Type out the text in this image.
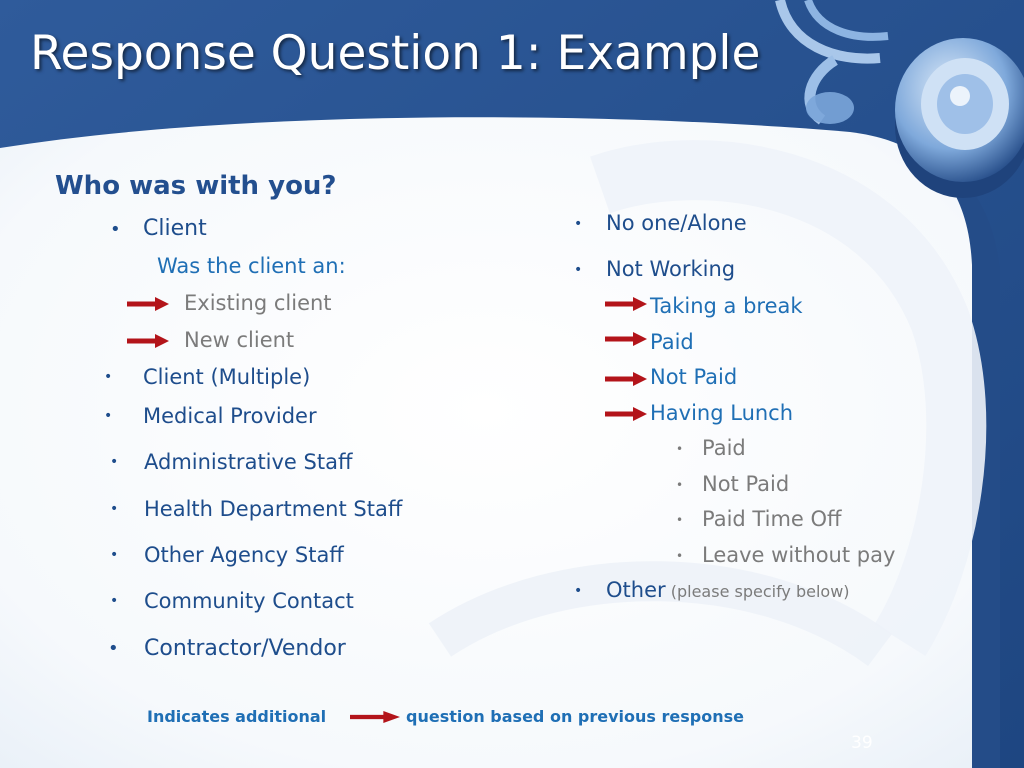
Response Question 1: Example
Who was with you?
• Client
Was the client an:
Existing client
New client
• Client (Multiple)
• Medical Provider
• Administrative Staff
• Health Department Staff
• Other Agency Staff
• Community Contact
• Contractor/Vendor
• No one/Alone
• Not Working
Taking a break
Paid
Not Paid
Having Lunch
• Paid
• Not Paid
• Paid Time Off
• Leave without pay
• Other (please specify below)
Indicates additional	question based on previous response
39
